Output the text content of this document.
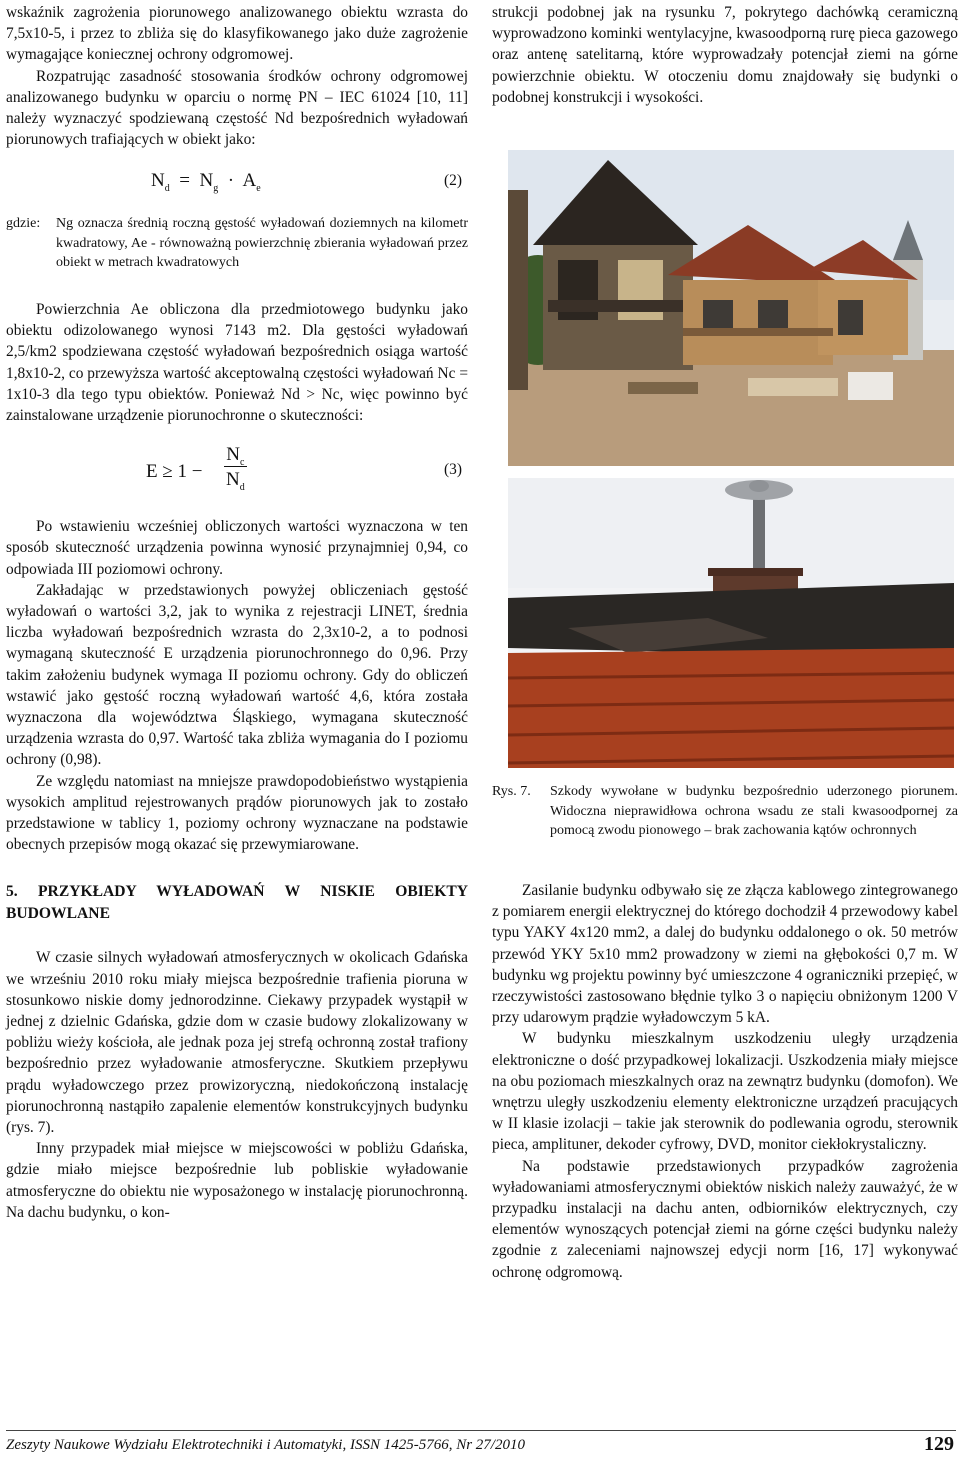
wskaźnik zagrożenia piorunowego analizowanego obiektu wzrasta do 7,5x10-5, i przez to zbliża się do klasyfikowanego jako duże zagrożenie wymagające koniecznej ochrony odgromowej.

Rozpatrując zasadność stosowania środków ochrony odgromowej analizowanego budynku w oparciu o normę PN – IEC 61024 [10, 11] należy wyznaczyć spodziewaną częstość Nd bezpośrednich wyładowań piorunowych trafiających w obiekt jako:

$N_d = N_g \cdot A_e$	(2)
gdzie:	Ng oznacza średnią roczną gęstość wyładowań doziemnych na kilometr kwadratowy, Ae - równoważną powierzchnię zbierania wyładowań przez obiekt w metrach kwadratowych

Powierzchnia Ae obliczona dla przedmiotowego budynku jako obiektu odizolowanego wynosi 7143 m2. Dla gęstości wyładowań 2,5/km2 spodziewana częstość wyładowań bezpośrednich osiąga wartość 1,8x10-2, co przewyższa wartość akceptowalną częstości wyładowań Nc = 1x10-3 dla tego typu obiektów. Ponieważ Nd > Nc, więc powinno być zainstalowane urządzenie piorunochronne o skuteczności:

E ≥ 1 −
$N_c$
$N_d$
(3)

Po wstawieniu wcześniej obliczonych wartości wyznaczona w ten sposób skuteczność urządzenia powinna wynosić przynajmniej 0,94, co odpowiada III poziomowi ochrony.

Zakładając w przedstawionych powyżej obliczeniach gęstość wyładowań o wartości 3,2, jak to wynika z rejestracji LINET, średnia liczba wyładowań bezpośrednich wzrasta do 2,3x10-2, a to podnosi wymaganą skuteczność E urządzenia piorunochronnego do 0,96. Przy takim założeniu budynek wymaga II poziomu ochrony. Gdy do obliczeń wstawić jako gęstość roczną wyładowań wartość 4,6, która została wyznaczona dla województwa Śląskiego, wymagana skuteczność urządzenia wzrasta do 0,97. Wartość taka zbliża wymagania do I poziomu ochrony (0,98).

Ze względu natomiast na mniejsze prawdopodobieństwo wystąpienia wysokich amplitud rejestrowanych prądów piorunowych jak to zostało przedstawione w tablicy 1, poziomy ochrony wyznaczane na podstawie obecnych przepisów mogą okazać się przewymiarowane.

5. PRZYKŁADY WYŁADOWAŃ W NISKIE OBIEKTY BUDOWLANE

W czasie silnych wyładowań atmosferycznych w okolicach Gdańska we wrześniu 2010 roku miały miejsca bezpośrednie trafienia pioruna w stosunkowo niskie domy jednorodzinne. Ciekawy przypadek wystąpił w jednej z dzielnic Gdańska, gdzie dom w czasie budowy zlokalizowany w pobliżu wieży kościoła, ale jednak poza jej strefą ochronną został trafiony bezpośrednio przez wyładowanie atmosferyczne. Skutkiem przepływu prądu wyładowczego przez prowizoryczną, niedokończoną instalację piorunochronną nastąpiło zapalenie elementów konstrukcyjnych budynku (rys. 7).

Inny przypadek miał miejsce w miejscowości w pobliżu Gdańska, gdzie miało miejsce bezpośrednie lub pobliskie wyładowanie atmosferyczne do obiektu nie wyposażonego w instalację piorunochronną. Na dachu budynku, o kon-

strukcji podobnej jak na rysunku 7, pokrytego dachówką ceramiczną wyprowadzono kominki wentylacyjne, kwasoodporną rurę pieca gazowego oraz antenę satelitarną, które wyprowadzały potencjał ziemi na górne powierzchnie obiektu. W otoczeniu domu znajdowały się budynki o podobnej konstrukcji i wysokości.

Rys. 7.	Szkody wywołane w budynku bezpośrednio uderzonego piorunem. Widoczna nieprawidłowa ochrona wsadu ze stali kwasoodpornej za pomocą zwodu pionowego – brak zachowania kątów ochronnych

Zasilanie budynku odbywało się ze złącza kablowego zintegrowanego z pomiarem energii elektrycznej do którego dochodził 4 przewodowy kabel typu YAKY 4x120 mm2, a dalej do budynku oddalonego o ok. 50 metrów przewód YKY 5x10 mm2 prowadzony w ziemi na głębokości 0,7 m. W budynku wg projektu powinny być umieszczone 4 ograniczniki przepięć, w rzeczywistości zastosowano błędnie tylko 3 o napięciu obniżonym 1200 V przy udarowym prądzie wyładowczym 5 kA.

W budynku mieszkalnym uszkodzeniu uległy urządzenia elektroniczne o dość przypadkowej lokalizacji. Uszkodzenia miały miejsce na obu poziomach mieszkalnych oraz na zewnątrz budynku (domofon). We wnętrzu uległy uszkodzeniu elementy elektroniczne urządzeń pracujących w II klasie izolacji – takie jak sterownik do podlewania ogrodu, sterownik pieca, amplituner, dekoder cyfrowy, DVD, monitor ciekłokrystaliczny.

Na podstawie przedstawionych przypadków zagrożenia wyładowaniami atmosferycznymi obiektów niskich należy zauważyć, że w przypadku instalacji na dachu anten, odbiorników elektrycznych, czy elementów wynoszących potencjał ziemi na górne części budynku należy zgodnie z zaleceniami najnowszej edycji norm [16, 17] wykonywać ochronę odgromową.

Zeszyty Naukowe Wydziału Elektrotechniki i Automatyki, ISSN 1425-5766, Nr 27/2010	129
